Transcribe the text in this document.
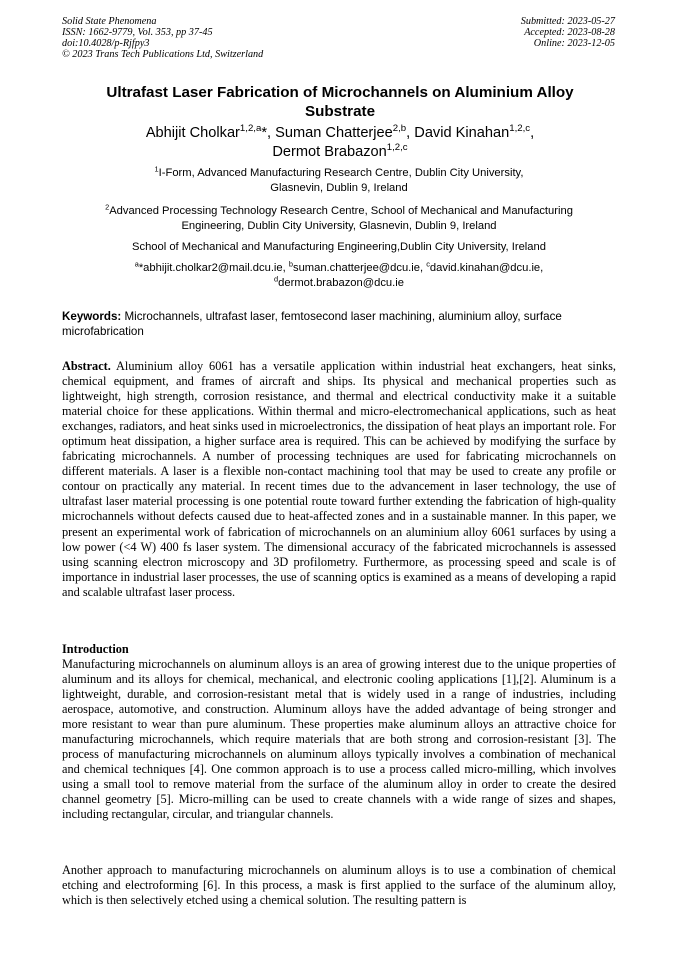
Solid State Phenomena
ISSN: 1662-9779, Vol. 353, pp 37-45
doi:10.4028/p-Rjfpy3
© 2023 Trans Tech Publications Ltd, Switzerland
Submitted: 2023-05-27
Accepted: 2023-08-28
Online: 2023-12-05
Ultrafast Laser Fabrication of Microchannels on Aluminium Alloy
Substrate
Abhijit Cholkar$^{1,2,a}$*, Suman Chatterjee$^{2,b}$, David Kinahan$^{1,2,c}$,
Dermot Brabazon$^{1,2,c}$
$^1$I-Form, Advanced Manufacturing Research Centre, Dublin City University,
Glasnevin, Dublin 9, Ireland
$^2$Advanced Processing Technology Research Centre, School of Mechanical and Manufacturing
Engineering, Dublin City University, Glasnevin, Dublin 9, Ireland
School of Mechanical and Manufacturing Engineering,Dublin City University, Ireland
$^a$*abhijit.cholkar2@mail.dcu.ie, $^b$suman.chatterjee@dcu.ie, $^c$david.kinahan@dcu.ie,
$^d$dermot.brabazon@dcu.ie
Keywords: Microchannels, ultrafast laser, femtosecond laser machining, aluminium alloy, surface microfabrication
Abstract. Aluminium alloy 6061 has a versatile application within industrial heat exchangers, heat sinks, chemical equipment, and frames of aircraft and ships. Its physical and mechanical properties such as lightweight, high strength, corrosion resistance, and thermal and electrical conductivity make it a suitable material choice for these applications. Within thermal and micro-electromechanical applications, such as heat exchanges, radiators, and heat sinks used in microelectronics, the dissipation of heat plays an important role. For optimum heat dissipation, a higher surface area is required. This can be achieved by modifying the surface by fabricating microchannels. A number of processing techniques are used for fabricating microchannels on different materials. A laser is a flexible non-contact machining tool that may be used to create any profile or contour on practically any material. In recent times due to the advancement in laser technology, the use of ultrafast laser material processing is one potential route toward further extending the fabrication of high-quality microchannels without defects caused due to heat-affected zones and in a sustainable manner. In this paper, we present an experimental work of fabrication of microchannels on an aluminium alloy 6061 surfaces by using a low power (<4 W) 400 fs laser system. The dimensional accuracy of the fabricated microchannels is assessed using scanning electron microscopy and 3D profilometry. Furthermore, as processing speed and scale is of importance in industrial laser processes, the use of scanning optics is examined as a means of developing a rapid and scalable ultrafast laser process.
Introduction
Manufacturing microchannels on aluminum alloys is an area of growing interest due to the unique properties of aluminum and its alloys for chemical, mechanical, and electronic cooling applications [1],[2]. Aluminum is a lightweight, durable, and corrosion-resistant metal that is widely used in a range of industries, including aerospace, automotive, and construction. Aluminum alloys have the added advantage of being stronger and more resistant to wear than pure aluminum. These properties make aluminum alloys an attractive choice for manufacturing microchannels, which require materials that are both strong and corrosion-resistant [3]. The process of manufacturing microchannels on aluminum alloys typically involves a combination of mechanical and chemical techniques [4]. One common approach is to use a process called micro-milling, which involves using a small tool to remove material from the surface of the aluminum alloy in order to create the desired channel geometry [5]. Micro-milling can be used to create channels with a wide range of sizes and shapes, including rectangular, circular, and triangular channels.
Another approach to manufacturing microchannels on aluminum alloys is to use a combination of chemical etching and electroforming [6]. In this process, a mask is first applied to the surface of the aluminum alloy, which is then selectively etched using a chemical solution. The resulting pattern is
